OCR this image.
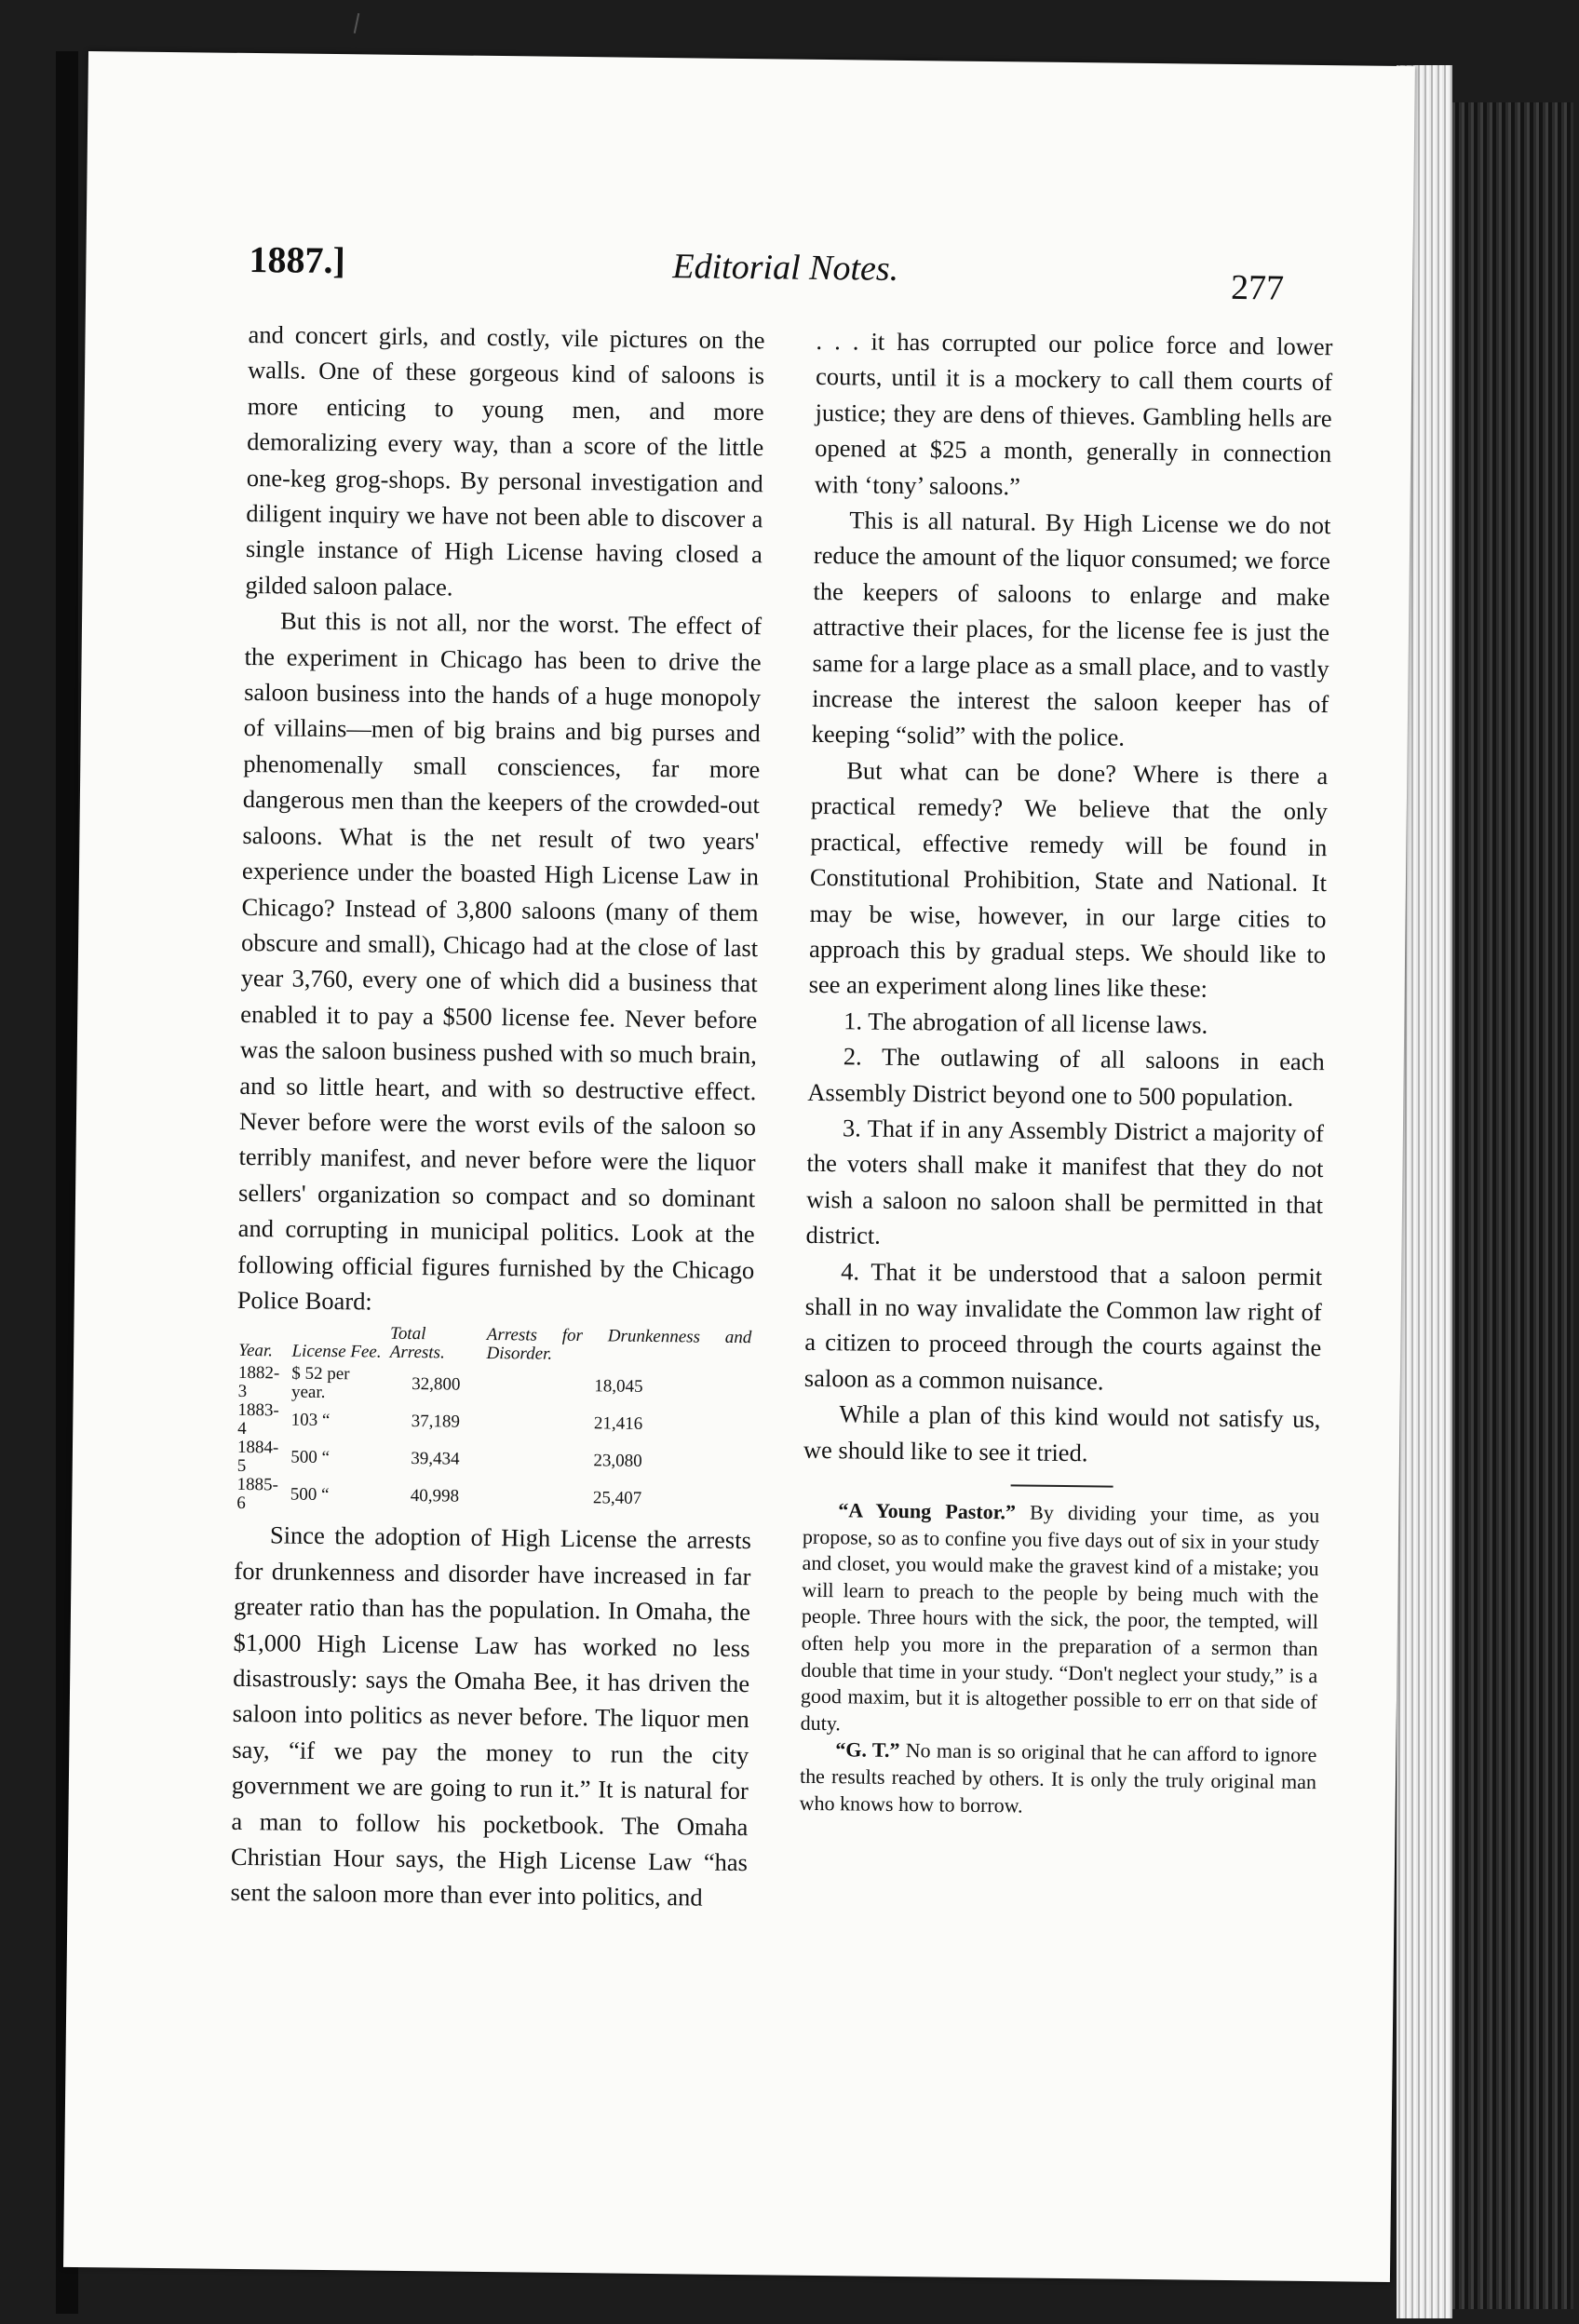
1887.]	Editorial Notes.	277

and concert girls, and costly, vile pictures on the walls. One of these gorgeous kind of saloons is more enticing to young men, and more demoralizing every way, than a score of the little one-keg grog-shops. By personal investigation and diligent inquiry we have not been able to discover a single instance of High License having closed a gilded saloon palace.

But this is not all, nor the worst. The effect of the experiment in Chicago has been to drive the saloon business into the hands of a huge monopoly of villains—men of big brains and big purses and phenomenally small consciences, far more dangerous men than the keepers of the crowded-out saloons. What is the net result of two years' experience under the boasted High License Law in Chicago? Instead of 3,800 saloons (many of them obscure and small), Chicago had at the close of last year 3,760, every one of which did a business that enabled it to pay a $500 license fee. Never before was the saloon business pushed with so much brain, and so little heart, and with so destructive effect. Never before were the worst evils of the saloon so terribly manifest, and never before were the liquor sellers' organization so compact and so dominant and corrupting in municipal politics. Look at the following official figures furnished by the Chicago Police Board:

Year.	License Fee.	Total Arrests.	Arrests for Drunkenness and Disorder.
1882-3	$ 52 per year.	32,800	18,045
1883-4	103 “	37,189	21,416
1884-5	500 “	39,434	23,080
1885-6	500 “	40,998	25,407

Since the adoption of High License the arrests for drunkenness and disorder have increased in far greater ratio than has the population. In Omaha, the $1,000 High License Law has worked no less disastrously: says the Omaha Bee, it has driven the saloon into politics as never before. The liquor men say, “if we pay the money to run the city government we are going to run it.” It is natural for a man to follow his pocketbook. The Omaha Christian Hour says, the High License Law “has sent the saloon more than ever into politics, and

. . . it has corrupted our police force and lower courts, until it is a mockery to call them courts of justice; they are dens of thieves. Gambling hells are opened at $25 a month, generally in connection with ‘tony’ saloons.”

This is all natural. By High License we do not reduce the amount of the liquor consumed; we force the keepers of saloons to enlarge and make attractive their places, for the license fee is just the same for a large place as a small place, and to vastly increase the interest the saloon keeper has of keeping “solid” with the police.

But what can be done? Where is there a practical remedy? We believe that the only practical, effective remedy will be found in Constitutional Prohibition, State and National. It may be wise, however, in our large cities to approach this by gradual steps. We should like to see an experiment along lines like these:

1. The abrogation of all license laws.

2. The outlawing of all saloons in each Assembly District beyond one to 500 population.

3. That if in any Assembly District a majority of the voters shall make it manifest that they do not wish a saloon no saloon shall be permitted in that district.

4. That it be understood that a saloon permit shall in no way invalidate the Common law right of a citizen to proceed through the courts against the saloon as a common nuisance.

While a plan of this kind would not satisfy us, we should like to see it tried.

“A Young Pastor.” By dividing your time, as you propose, so as to confine you five days out of six in your study and closet, you would make the gravest kind of a mistake; you will learn to preach to the people by being much with the people. Three hours with the sick, the poor, the tempted, will often help you more in the preparation of a sermon than double that time in your study. “Don't neglect your study,” is a good maxim, but it is altogether possible to err on that side of duty.

“G. T.” No man is so original that he can afford to ignore the results reached by others. It is only the truly original man who knows how to borrow.
